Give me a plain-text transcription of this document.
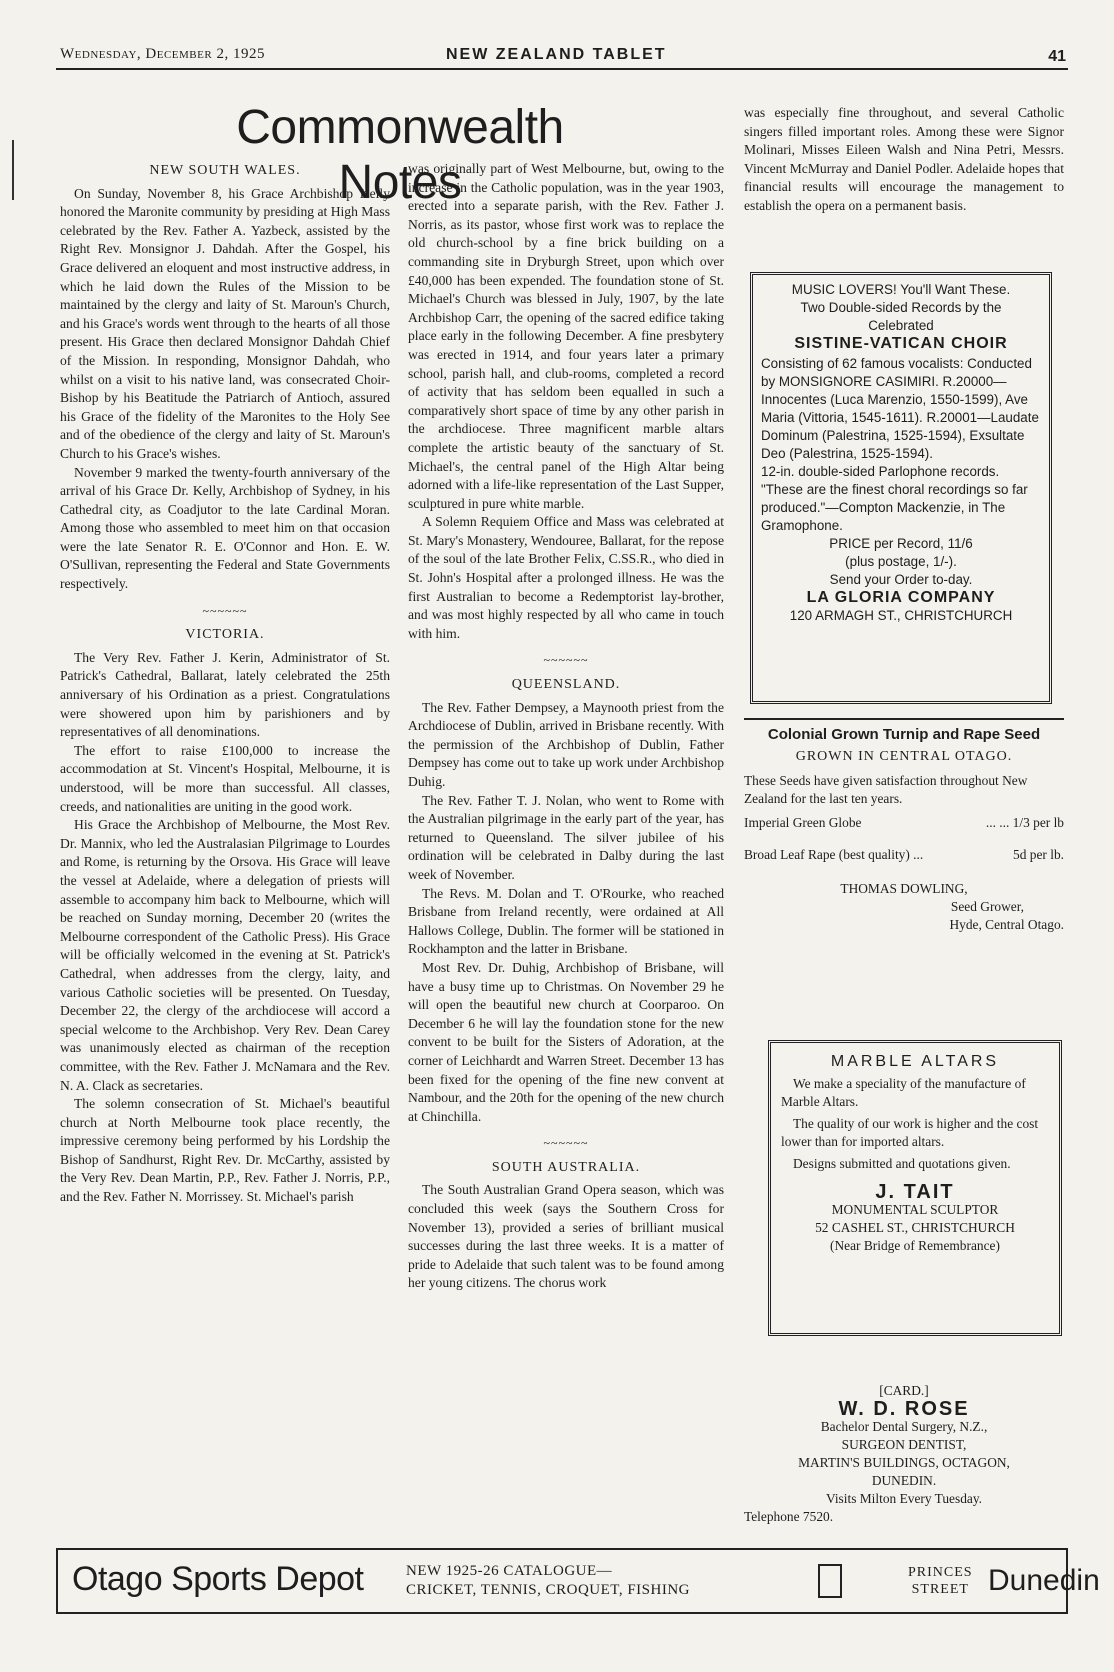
Wednesday, December 2, 1925	NEW ZEALAND TABLET	41
Commonwealth Notes
NEW SOUTH WALES.

On Sunday, November 8, his Grace Archbishop Kelly honored the Maronite community by presiding at High Mass celebrated by the Rev. Father A. Yazbeck, assisted by the Right Rev. Monsignor J. Dahdah. After the Gospel, his Grace delivered an eloquent and most instructive address, in which he laid down the Rules of the Mission to be maintained by the clergy and laity of St. Maroun's Church, and his Grace's words went through to the hearts of all those present. His Grace then declared Monsignor Dahdah Chief of the Mission. In responding, Monsignor Dahdah, who whilst on a visit to his native land, was consecrated Choir-Bishop by his Beatitude the Patriarch of Antioch, assured his Grace of the fidelity of the Maronites to the Holy See and of the obedience of the clergy and laity of St. Maroun's Church to his Grace's wishes.

November 9 marked the twenty-fourth anniversary of the arrival of his Grace Dr. Kelly, Archbishop of Sydney, in his Cathedral city, as Coadjutor to the late Cardinal Moran. Among those who assembled to meet him on that occasion were the late Senator R. E. O'Connor and Hon. E. W. O'Sullivan, representing the Federal and State Governments respectively.

~~~~~~
VICTORIA.

The Very Rev. Father J. Kerin, Administrator of St. Patrick's Cathedral, Ballarat, lately celebrated the 25th anniversary of his Ordination as a priest. Congratulations were showered upon him by parishioners and by representatives of all denominations.

The effort to raise £100,000 to increase the accommodation at St. Vincent's Hospital, Melbourne, it is understood, will be more than successful. All classes, creeds, and nationalities are uniting in the good work.

His Grace the Archbishop of Melbourne, the Most Rev. Dr. Mannix, who led the Australasian Pilgrimage to Lourdes and Rome, is returning by the Orsova. His Grace will leave the vessel at Adelaide, where a delegation of priests will assemble to accompany him back to Melbourne, which will be reached on Sunday morning, December 20 (writes the Melbourne correspondent of the Catholic Press). His Grace will be officially welcomed in the evening at St. Patrick's Cathedral, when addresses from the clergy, laity, and various Catholic societies will be presented. On Tuesday, December 22, the clergy of the archdiocese will accord a special welcome to the Archbishop. Very Rev. Dean Carey was unanimously elected as chairman of the reception committee, with the Rev. Father J. McNamara and the Rev. N. A. Clack as secretaries.

The solemn consecration of St. Michael's beautiful church at North Melbourne took place recently, the impressive ceremony being performed by his Lordship the Bishop of Sandhurst, Right Rev. Dr. McCarthy, assisted by the Very Rev. Dean Martin, P.P., Rev. Father J. Norris, P.P., and the Rev. Father N. Morrissey. St. Michael's parish

was originally part of West Melbourne, but, owing to the increase in the Catholic population, was in the year 1903, erected into a separate parish, with the Rev. Father J. Norris, as its pastor, whose first work was to replace the old church-school by a fine brick building on a commanding site in Dryburgh Street, upon which over £40,000 has been expended. The foundation stone of St. Michael's Church was blessed in July, 1907, by the late Archbishop Carr, the opening of the sacred edifice taking place early in the following December. A fine presbytery was erected in 1914, and four years later a primary school, parish hall, and club-rooms, completed a record of activity that has seldom been equalled in such a comparatively short space of time by any other parish in the archdiocese. Three magnificent marble altars complete the artistic beauty of the sanctuary of St. Michael's, the central panel of the High Altar being adorned with a life-like representation of the Last Supper, sculptured in pure white marble.

A Solemn Requiem Office and Mass was celebrated at St. Mary's Monastery, Wendouree, Ballarat, for the repose of the soul of the late Brother Felix, C.SS.R., who died in St. John's Hospital after a prolonged illness. He was the first Australian to become a Redemptorist lay-brother, and was most highly respected by all who came in touch with him.

~~~~~~
QUEENSLAND.

The Rev. Father Dempsey, a Maynooth priest from the Archdiocese of Dublin, arrived in Brisbane recently. With the permission of the Archbishop of Dublin, Father Dempsey has come out to take up work under Archbishop Duhig.

The Rev. Father T. J. Nolan, who went to Rome with the Australian pilgrimage in the early part of the year, has returned to Queensland. The silver jubilee of his ordination will be celebrated in Dalby during the last week of November.

The Revs. M. Dolan and T. O'Rourke, who reached Brisbane from Ireland recently, were ordained at All Hallows College, Dublin. The former will be stationed in Rockhampton and the latter in Brisbane.

Most Rev. Dr. Duhig, Archbishop of Brisbane, will have a busy time up to Christmas. On November 29 he will open the beautiful new church at Coorparoo. On December 6 he will lay the foundation stone for the new convent to be built for the Sisters of Adoration, at the corner of Leichhardt and Warren Street. December 13 has been fixed for the opening of the fine new convent at Nambour, and the 20th for the opening of the new church at Chinchilla.

~~~~~~
SOUTH AUSTRALIA.

The South Australian Grand Opera season, which was concluded this week (says the Southern Cross for November 13), provided a series of brilliant musical successes during the last three weeks. It is a matter of pride to Adelaide that such talent was to be found among her young citizens. The chorus work

was especially fine throughout, and several Catholic singers filled important roles. Among these were Signor Molinari, Misses Eileen Walsh and Nina Petri, Messrs. Vincent McMurray and Daniel Podler. Adelaide hopes that financial results will encourage the management to establish the opera on a permanent basis.

MUSIC LOVERS! You'll Want These.
Two Double-sided Records by the
Celebrated
SISTINE-VATICAN CHOIR
Consisting of 62 famous vocalists: Conducted by MONSIGNORE CASIMIRI. R.20000—Innocentes (Luca Marenzio, 1550-1599), Ave Maria (Vittoria, 1545-1611). R.20001—Laudate Dominum (Palestrina, 1525-1594), Exsultate Deo (Palestrina, 1525-1594).
12-in. double-sided Parlophone records.
"These are the finest choral recordings so far produced."—Compton Mackenzie, in The Gramophone.
PRICE per Record, 11/6
(plus postage, 1/-).
Send your Order to-day.
LA GLORIA COMPANY
120 ARMAGH ST., CHRISTCHURCH
Colonial Grown Turnip and Rape Seed
GROWN IN CENTRAL OTAGO.

These Seeds have given satisfaction throughout New Zealand for the last ten years.

Imperial Green Globe	... ... 1/3 per lb
Broad Leaf Rape (best quality) ...	5d per lb.
THOMAS DOWLING,
Seed Grower,
Hyde, Central Otago.
MARBLE ALTARS

We make a speciality of the manufacture of Marble Altars.

The quality of our work is higher and the cost lower than for imported altars.

Designs submitted and quotations given.

J. TAIT
MONUMENTAL SCULPTOR
52 CASHEL ST., CHRISTCHURCH
(Near Bridge of Remembrance)
[CARD.]
W. D. ROSE
Bachelor Dental Surgery, N.Z.,
SURGEON DENTIST,
MARTIN'S BUILDINGS, OCTAGON,
DUNEDIN.
Visits Milton Every Tuesday.
Telephone 7520.
Otago Sports Depot	NEW 1925-26 CATALOGUE—
CRICKET, TENNIS, CROQUET, FISHING
PRINCES
STREET Dunedin
